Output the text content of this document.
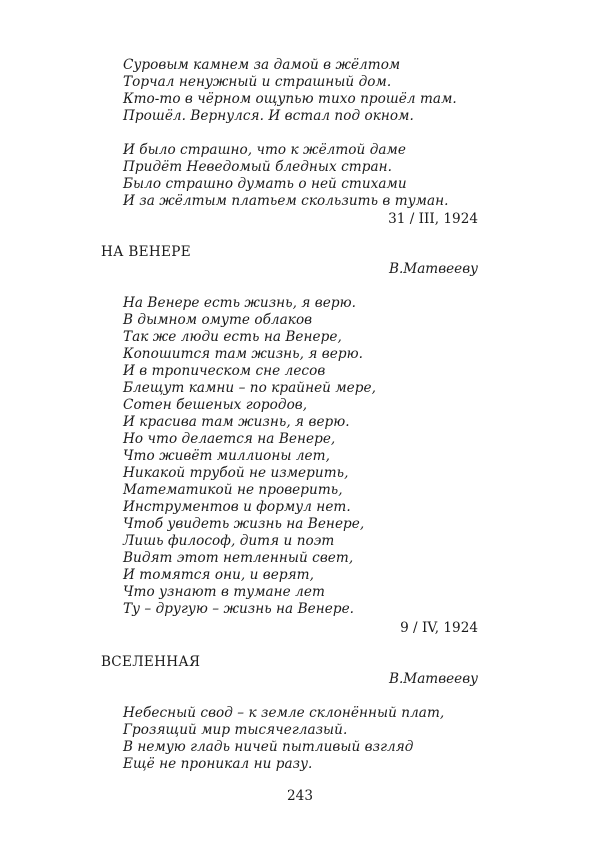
Суровым камнем за дамой в жёлтом
Торчал ненужный и страшный дом.
Кто-то в чёрном ощупью тихо прошёл там.
Прошёл. Вернулся. И встал под окном.
И было страшно, что к жёлтой даме
Придёт Неведомый бледных стран.
Было страшно думать о ней стихами
И за жёлтым платьем скользить в туман.
31 / III, 1924
НА ВЕНЕРЕ
В.Матвееву
На Венере есть жизнь, я верю.
В дымном омуте облаков
Так же люди есть на Венере,
Копошится там жизнь, я верю.
И в тропическом сне лесов
Блещут камни – по крайней мере,
Сотен бешеных городов,
И красива там жизнь, я верю.
Но что делается на Венере,
Что живёт миллионы лет,
Никакой трубой не измерить,
Математикой не проверить,
Инструментов и формул нет.
Чтоб увидеть жизнь на Венере,
Лишь философ, дитя и поэт
Видят этот нетленный свет,
И томятся они, и верят,
Что узнают в тумане лет
Ту – другую – жизнь на Венере.
9 / IV, 1924
ВСЕЛЕННАЯ
В.Матвееву
Небесный свод – к земле склонённый плат,
Грозящий мир тысячеглазый.
В немую гладь ничей пытливый взгляд
Ещё не проникал ни разу.
243
